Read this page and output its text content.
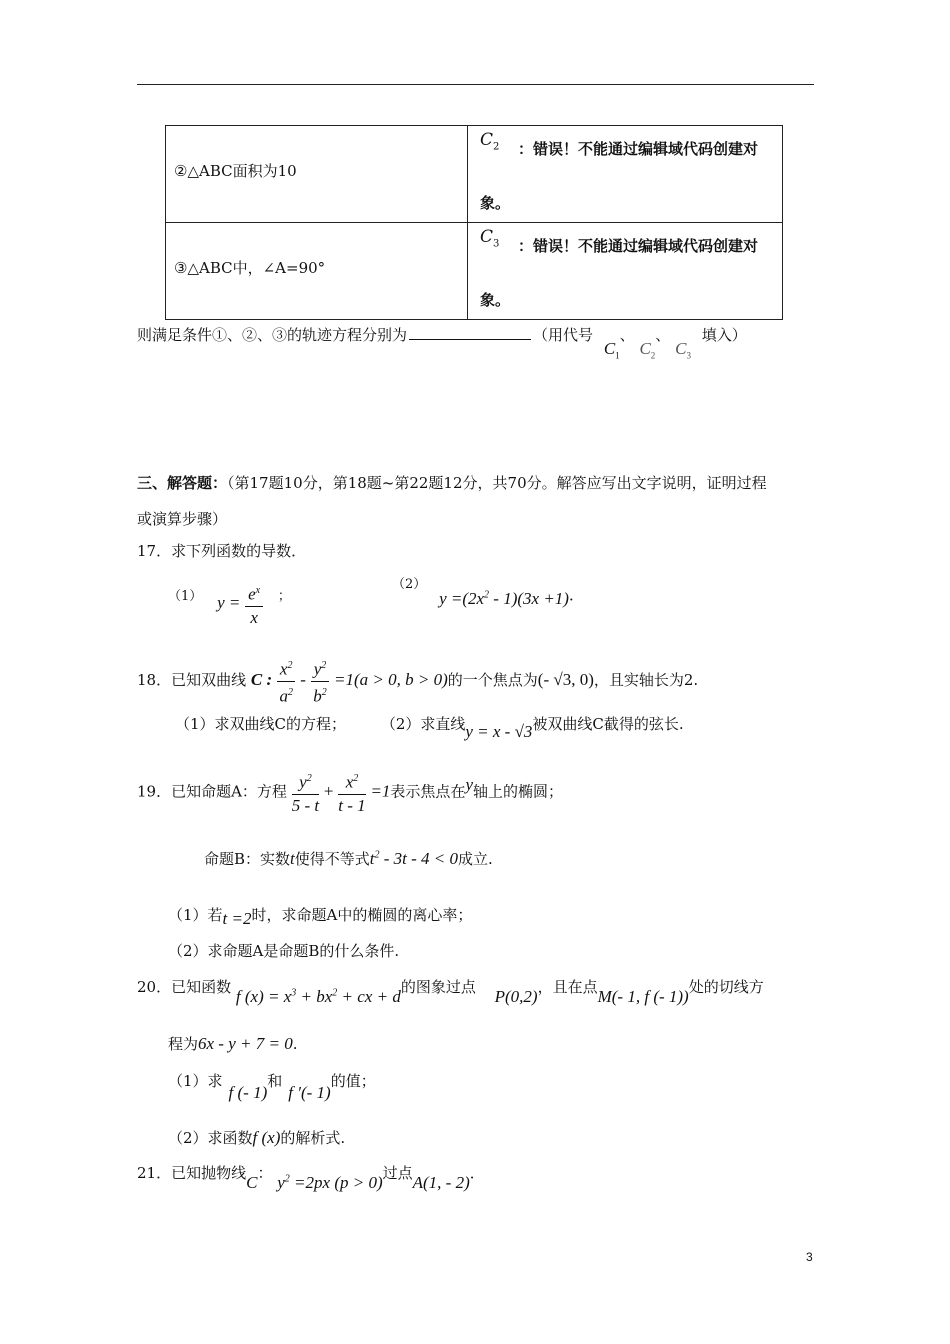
②△ABC面积为10	$C_2$ ：错误！不能通过编辑域代码创建对
象。

③△ABC中，∠A=90°	$C_3$ ：错误！不能通过编辑域代码创建对
象。
则满足条件①、②、③的轨迹方程分别为	（用代号 $C_1$、 $C_2$、 $C_3$ 填入）
三、解答题：（第17题10分，第18题~第22题12分，共70分。解答应写出文字说明，证明过程
或演算步骤）
17．求下列函数的导数．
（1） $y = \frac{e^x}{x}$ ；
（2） $y =(2x^2 - 1)(3x +1)$．
18．已知双曲线 C : $\frac{x^2}{a^2} - \frac{y^2}{b^2} =1(a > 0$, b > 0)的一个焦点为(- √3, 0)，且实轴长为2.
（1）求双曲线C的方程； （2）求直线y = x - √3被双曲线C截得的弦长.
19．已知命题A：方程 $\frac{y^2}{5 - t} + \frac{x^2}{t - 1} =1$表示焦点在y轴上的椭圆；
命题B：实数t使得不等式$t^2 - 3t - 4 < 0$成立.
（1）若t =2时，求命题A中的椭圆的离心率；
（2）求命题A是命题B的什么条件.
20．已知函数 f $(x) = x^3 + bx^2$ + cx + d的图象过点 P(0,2)，且在点M(- 1, f (- 1))处的切线方
程为6x - y + 7 = 0.
（1）求f (- 1)和f ′(- 1)的值；
（2）求函数f (x)的解析式.
21．已知抛物线C： $y^2 =2px$ (p > 0)过点A(1, - 2)．
3
